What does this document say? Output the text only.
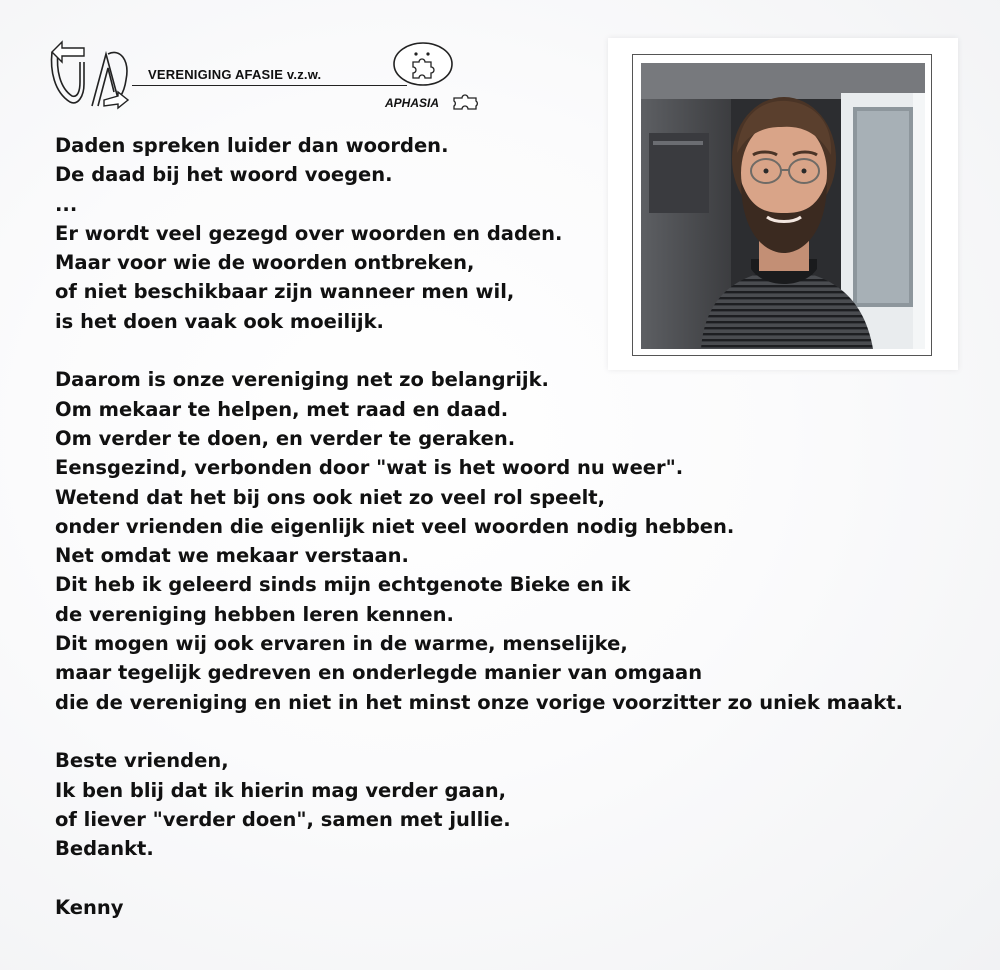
VERENIGING AFASIE v.z.w.
APHASIA
Daden spreken luider dan woorden.
De daad bij het woord voegen.
...
Er wordt veel gezegd over woorden en daden.
Maar voor wie de woorden ontbreken,
of niet beschikbaar zijn wanneer men wil,
is het doen vaak ook moeilijk.
Daarom is onze vereniging net zo belangrijk.
Om mekaar te helpen, met raad en daad.
Om verder te doen, en verder te geraken.
Eensgezind, verbonden door "wat is het woord nu weer".
Wetend dat het bij ons ook niet zo veel rol speelt,
onder vrienden die eigenlijk niet veel woorden nodig hebben.
Net omdat we mekaar verstaan.
Dit heb ik geleerd sinds mijn echtgenote Bieke en ik
de vereniging hebben leren kennen.
Dit mogen wij ook ervaren in de warme, menselijke,
maar tegelijk gedreven en onderlegde manier van omgaan
die de vereniging en niet in het minst onze vorige voorzitter zo uniek maakt.
Beste vrienden,
Ik ben blij dat ik hierin mag verder gaan,
of liever "verder doen", samen met jullie.
Bedankt.
Kenny
